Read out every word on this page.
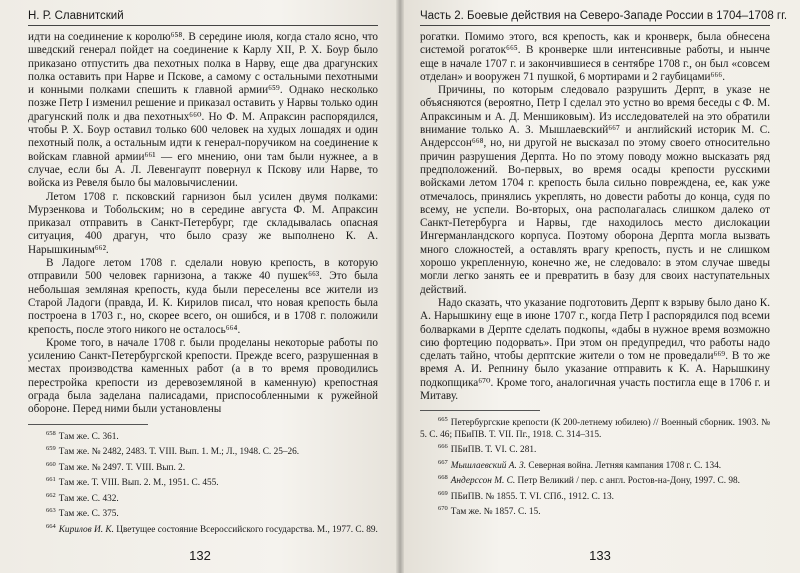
Н. Р. Славнитский

идти на соединение к королю⁶⁵⁸. В середине июля, когда стало ясно, что шведский генерал пойдет на соединение к Карлу XII, Р. Х. Боур было приказано отпустить два пехотных полка в Нарву, еще два драгунских полка оставить при Нарве и Пскове, а самому с остальными пехотными и конными полками спешить к главной армии⁶⁵⁹. Однако несколько позже Петр I изменил решение и приказал оставить у Нарвы только один драгунский полк и два пехотных⁶⁶⁰. Но Ф. М. Апраксин распорядился, чтобы Р. Х. Боур оставил только 600 человек на худых лошадях и один пехотный полк, а остальным идти к генерал-поручиком на соединение к войскам главной армии⁶⁶¹ — его мнению, они там были нужнее, а в случае, если бы А. Л. Левенгаупт повернул к Пскову или Нарве, то войска из Ревеля было бы маловычислении.

Летом 1708 г. псковский гарнизон был усилен двумя полками: Мурзенкова и Тобольским; но в середине августа Ф. М. Апраксин приказал отправить в Санкт-Петербург, где складывалась опасная ситуация, 400 драгун, что было сразу же выполнено К. А. Нарышкиным⁶⁶².

В Ладоге летом 1708 г. сделали новую крепость, в которую отправили 500 человек гарнизона, а также 40 пушек⁶⁶³. Это была небольшая земляная крепость, куда были переселены все жители из Старой Ладоги (правда, И. К. Кирилов писал, что новая крепость была построена в 1703 г., но, скорее всего, он ошибся, и в 1708 г. положили крепость, после этого никого не осталось⁶⁶⁴.

Кроме того, в начале 1708 г. были проделаны некоторые работы по усилению Санкт-Петербургской крепости. Прежде всего, разрушенная в местах производства каменных работ (а в то время проводились перестройка крепости из деревоземляной в каменную) крепостная ограда была заделана палисадами, приспособленными к ружейной обороне. Перед ними были установлены

$^{658}$ Там же. С. 361.
$^{659}$ Там же. № 2482, 2483. Т. VIII. Вып. 1. М.; Л., 1948. С. 25–26.
$^{660}$ Там же. № 2497. Т. VIII. Вып. 2.
$^{661}$ Там же. Т. VIII. Вып. 2. М., 1951. С. 455.
$^{662}$ Там же. С. 432.
$^{663}$ Там же. С. 375.
$^{664}$ Кирилов И. К. Цветущее состояние Всероссийского государства. М., 1977. С. 89.
132
Часть 2. Боевые действия на Северо-Западе России в 1704–1708 гг.

рогатки. Помимо этого, вся крепость, как и кронверк, была обнесена системой рогаток⁶⁶⁵. В кронверке шли интенсивные работы, и нынче еще в начале 1707 г. и закончившиеся в сентябре 1708 г., он был «совсем отделан» и вооружен 71 пушкой, 6 мортирами и 2 гаубицами⁶⁶⁶.

Причины, по которым следовало разрушить Дерпт, в указе не объясняются (вероятно, Петр I сделал это устно во время беседы с Ф. М. Апраксиным и А. Д. Меншиковым). Из исследователей на это обратили внимание только А. З. Мышлаевский⁶⁶⁷ и английский историк М. С. Андерссон⁶⁶⁸, но, ни другой не высказал по этому своего относительно причин разрушения Дерпта. Но по этому поводу можно высказать ряд предположений. Во-первых, во время осады крепости русскими войсками летом 1704 г. крепость была сильно повреждена, ее, как уже отмечалось, принялись укреплять, но довести работы до конца, судя по всему, не успели. Во-вторых, она располагалась слишком далеко от Санкт-Петербурга и Нарвы, где находилось место дислокации Ингерманландского корпуса. Поэтому оборона Дерпта могла вызвать много сложностей, а оставлять врагу крепость, пусть и не слишком хорошо укрепленную, конечно же, не следовало: в этом случае шведы могли легко занять ее и превратить в базу для своих наступательных действий.

Надо сказать, что указание подготовить Дерпт к взрыву было дано К. А. Нарышкину еще в июне 1707 г., когда Петр I распорядился под всеми болварками в Дерпте сделать подкопы, «дабы в нужное время возможно сию фортецию подорвать». При этом он предупредил, что работы надо сделать тайно, чтобы дерптские жители о том не проведали⁶⁶⁹. В то же время А. И. Репнину было указание отправить к К. А. Нарышкину подкопщика⁶⁷⁰. Кроме того, аналогичная участь постигла еще в 1706 г. и Митаву.

$^{665}$ Петербургские крепости (К 200-летнему юбилею) // Военный сборник. 1903. № 5. С. 46; ПБиПВ. Т. VII. Пг., 1918. С. 314–315.
$^{666}$ ПБиПВ. Т. VI. С. 281.
$^{667}$ Мышлаевский А. З. Северная война. Летняя кампания 1708 г. С. 134.
$^{668}$ Андерссон М. С. Петр Великий / пер. с англ. Ростов-на-Дону, 1997. С. 98.
$^{669}$ ПБиПВ. № 1855. Т. VI. СПб., 1912. С. 13.
$^{670}$ Там же. № 1857. С. 15.
133
